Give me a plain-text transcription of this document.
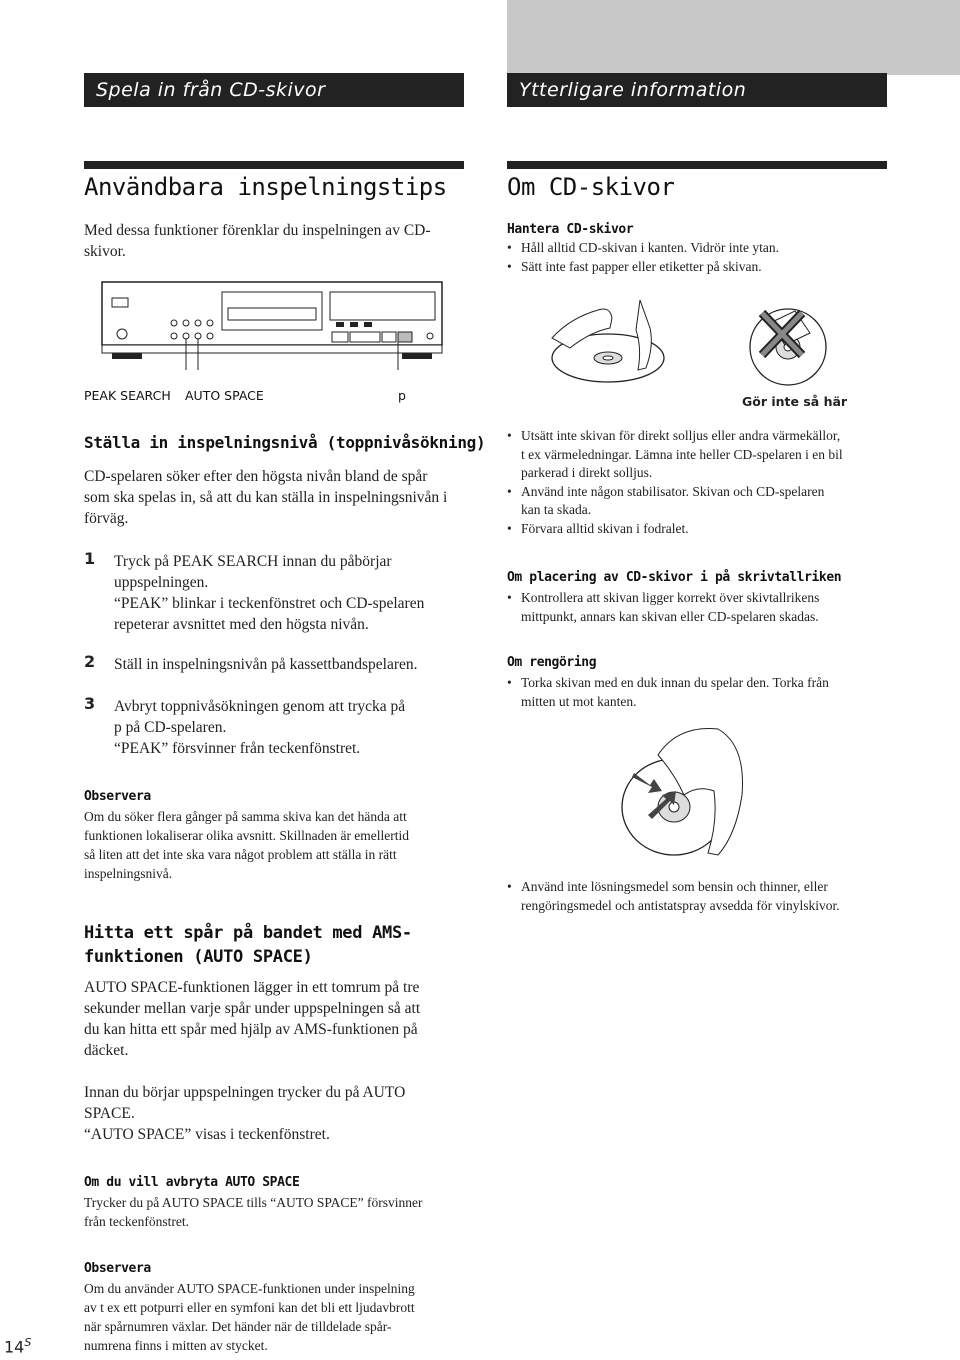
Spela in från CD-skivor	Ytterligare information
Användbara inspelningstips
Med dessa funktioner förenklar du inspelningen av CD-skivor.
PEAK SEARCH AUTO SPACE	p
Ställa in inspelningsnivå (toppnivåsökning)
CD-spelaren söker efter den högsta nivån bland de spår som ska spelas in, så att du kan ställa in inspelningsnivån i förväg.
1 Tryck på PEAK SEARCH innan du påbörjar
uppspelningen.
“PEAK” blinkar i teckenfönstret och CD-spelaren
repeterar avsnittet med den högsta nivån.
2 Ställ in inspelningsnivån på kassettbandspelaren.
3 Avbryt toppnivåsökningen genom att trycka på
p på CD-spelaren.
“PEAK” försvinner från teckenfönstret.
Observera
Om du söker flera gånger på samma skiva kan det hända att
funktionen lokaliserar olika avsnitt. Skillnaden är emellertid
så liten att det inte ska vara något problem att ställa in rätt
inspelningsnivå.
Hitta ett spår på bandet med AMS-
funktionen (AUTO SPACE)
AUTO SPACE-funktionen lägger in ett tomrum på tre
sekunder mellan varje spår under uppspelningen så att
du kan hitta ett spår med hjälp av AMS-funktionen på
däcket.
Innan du börjar uppspelningen trycker du på AUTO
SPACE.
“AUTO SPACE” visas i teckenfönstret.
Om du vill avbryta AUTO SPACE
Trycker du på AUTO SPACE tills “AUTO SPACE” försvinner
från teckenfönstret.
Observera
Om du använder AUTO SPACE-funktionen under inspelning
av t ex ett potpurri eller en symfoni kan det bli ett ljudavbrott
när spårnumren växlar. Det händer när de tilldelade spår-
numrena finns i mitten av stycket.
$14^S$
Om CD-skivor
Hantera CD-skivor
• Håll alltid CD-skivan i kanten. Vidrör inte ytan.
• Sätt inte fast papper eller etiketter på skivan.
Gör inte så här
• Utsätt inte skivan för direkt solljus eller andra värmekällor,
t ex värmeledningar. Lämna inte heller CD-spelaren i en bil
parkerad i direkt solljus.
• Använd inte någon stabilisator. Skivan och CD-spelaren
kan ta skada.
• Förvara alltid skivan i fodralet.
Om placering av CD-skivor i på skrivtallriken
• Kontrollera att skivan ligger korrekt över skivtallrikens
mittpunkt, annars kan skivan eller CD-spelaren skadas.
Om rengöring
• Torka skivan med en duk innan du spelar den. Torka från
mitten ut mot kanten.
• Använd inte lösningsmedel som bensin och thinner, eller
rengöringsmedel och antistatspray avsedda för vinylskivor.
